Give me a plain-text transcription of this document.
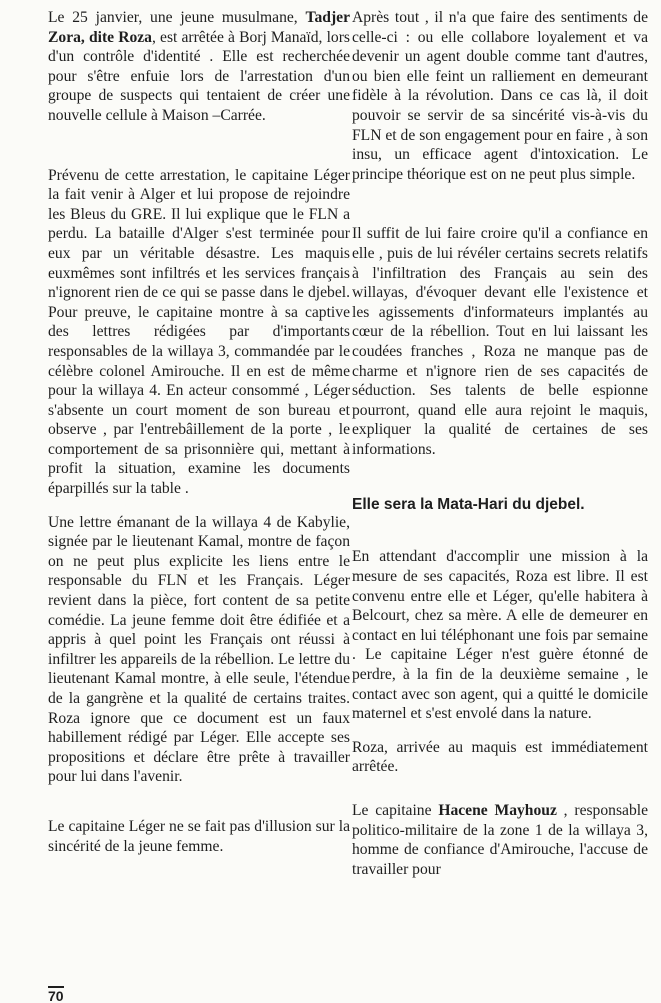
Le 25 janvier, une jeune musulmane, Tadjer Zora, dite Roza, est arrêtée à Borj Manaïd, lors d'un contrôle d'identité . Elle est recherchée pour s'être enfuie lors de l'arrestation d'un groupe de suspects qui tentaient de créer une nouvelle cellule à Maison –Carrée.

Prévenu de cette arrestation, le capitaine Léger la fait venir à Alger et lui propose de rejoindre les Bleus du GRE. Il lui explique que le FLN a perdu. La bataille d'Alger s'est terminée pour eux par un véritable désastre. Les maquis euxmêmes sont infiltrés et les services français n'ignorent rien de ce qui se passe dans le djebel. Pour preuve, le capitaine montre à sa captive des lettres rédigées par d'importants responsables de la willaya 3, commandée par le célèbre colonel Amirouche. Il en est de même pour la willaya 4. En acteur consommé , Léger s'absente un court moment de son bureau et observe , par l'entrebâillement de la porte , le comportement de sa prisonnière qui, mettant à profit la situation, examine les documents éparpillés sur la table .

Une lettre émanant de la willaya 4 de Kabylie, signée par le lieutenant Kamal, montre de façon on ne peut plus explicite les liens entre le responsable du FLN et les Français. Léger revient dans la pièce, fort content de sa petite comédie. La jeune femme doit être édifiée et a appris à quel point les Français ont réussi à infiltrer les appareils de la rébellion. Le lettre du lieutenant Kamal montre, à elle seule, l'étendue de la gangrène et la qualité de certains traites. Roza ignore que ce document est un faux habillement rédigé par Léger. Elle accepte ses propositions et déclare être prête à travailler pour lui dans l'avenir.

Le capitaine Léger ne se fait pas d'illusion sur la sincérité de la jeune femme.

Après tout , il n'a que faire des sentiments de celle-ci : ou elle collabore loyalement et va devenir un agent double comme tant d'autres, ou bien elle feint un ralliement en demeurant fidèle à la révolution. Dans ce cas là, il doit pouvoir se servir de sa sincérité vis-à-vis du FLN et de son engagement pour en faire , à son insu, un efficace agent d'intoxication. Le principe théorique est on ne peut plus simple.

Il suffit de lui faire croire qu'il a confiance en elle , puis de lui révéler certains secrets relatifs à l'infiltration des Français au sein des willayas, d'évoquer devant elle l'existence et les agissements d'informateurs implantés au cœur de la rébellion. Tout en lui laissant les coudées franches , Roza ne manque pas de charme et n'ignore rien de ses capacités de séduction. Ses talents de belle espionne pourront, quand elle aura rejoint le maquis, expliquer la qualité de certaines de ses informations.

Elle sera la Mata-Hari du djebel.

En attendant d'accomplir une mission à la mesure de ses capacités, Roza est libre. Il est convenu entre elle et Léger, qu'elle habitera à Belcourt, chez sa mère. A elle de demeurer en contact en lui téléphonant une fois par semaine . Le capitaine Léger n'est guère étonné de perdre, à la fin de la deuxième semaine , le contact avec son agent, qui a quitté le domicile maternel et s'est envolé dans la nature.

Roza, arrivée au maquis est immédiatement arrêtée.

Le capitaine Hacene Mayhouz , responsable politico-militaire de la zone 1 de la willaya 3, homme de confiance d'Amirouche, l'accuse de travailler pour

70
